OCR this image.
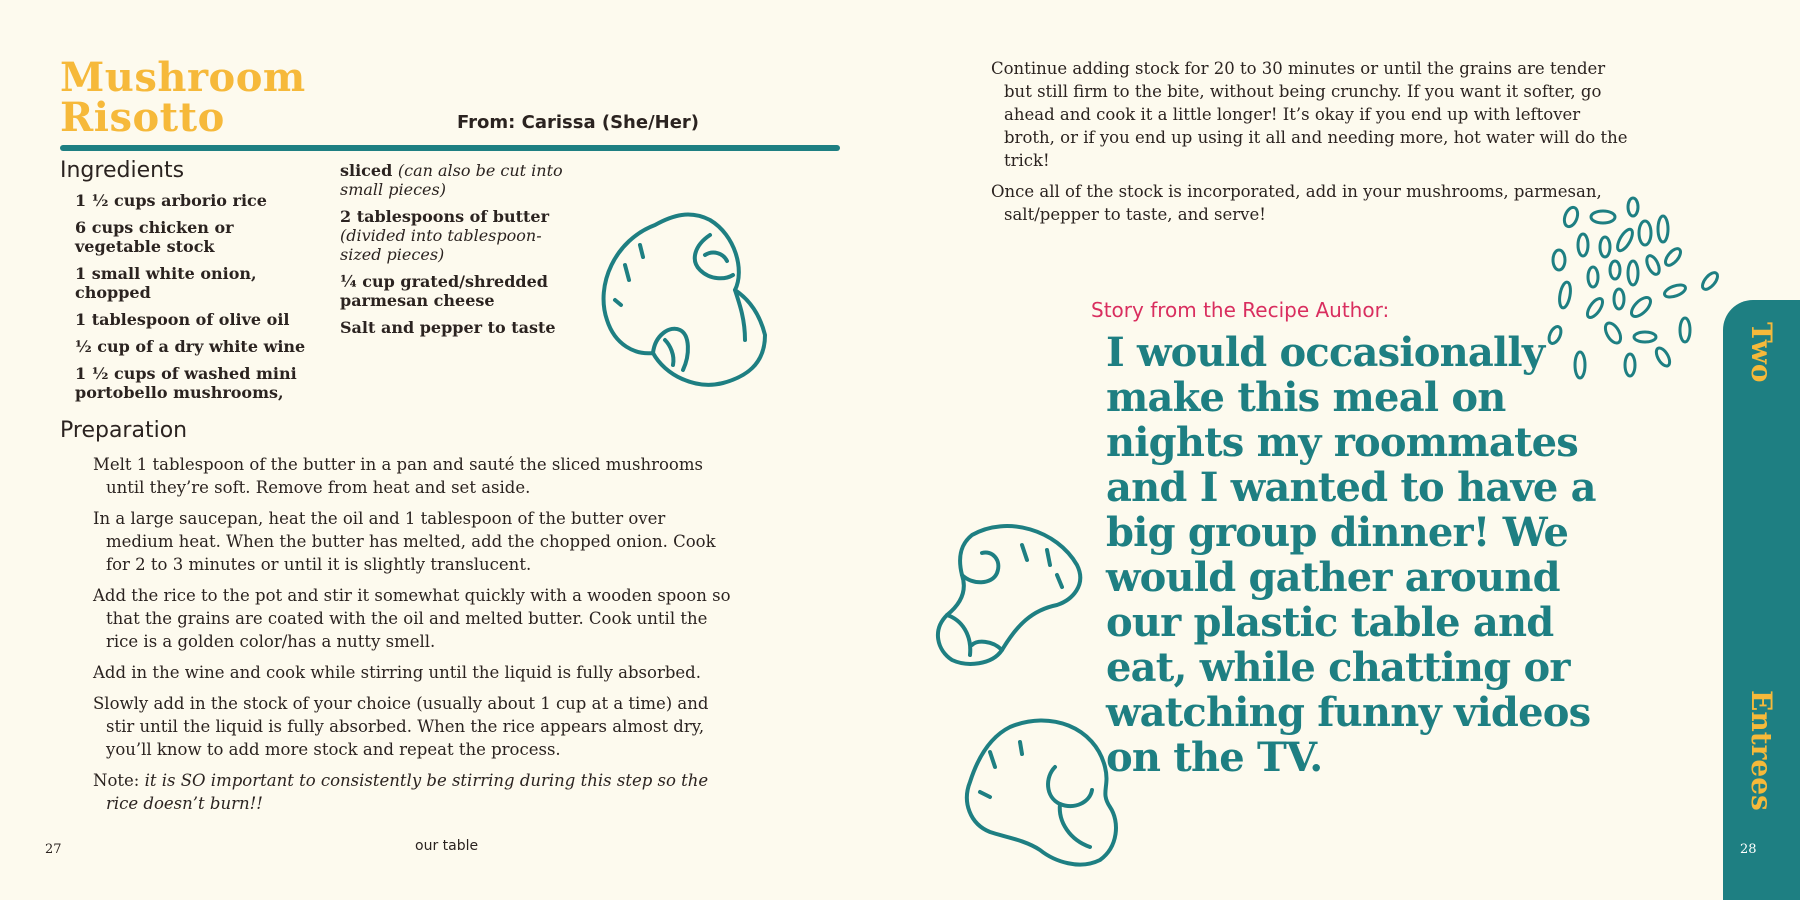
Mushroom
Risotto	From: Carissa (She/Her)
Ingredients
1 ½ cups arborio rice
6 cups chicken or vegetable stock
1 small white onion, chopped
1 tablespoon of olive oil
½ cup of a dry white wine
1 ½ cups of washed mini portobello mushrooms,
sliced (can also be cut into small pieces)
2 tablespoons of butter (divided into tablespoon-sized pieces)
¼ cup grated/shredded parmesan cheese
Salt and pepper to taste
Preparation

Melt 1 tablespoon of the butter in a pan and sauté the sliced mushrooms until they’re soft. Remove from heat and set aside.

In a large saucepan, heat the oil and 1 tablespoon of the butter over medium heat. When the butter has melted, add the chopped onion. Cook for 2 to 3 minutes or until it is slightly translucent.

Add the rice to the pot and stir it somewhat quickly with a wooden spoon so that the grains are coated with the oil and melted butter. Cook until the rice is a golden color/has a nutty smell.

Add in the wine and cook while stirring until the liquid is fully absorbed.

Slowly add in the stock of your choice (usually about 1 cup at a time) and stir until the liquid is fully absorbed. When the rice appears almost dry, you’ll know to add more stock and repeat the process.

Note: it is SO important to consistently be stirring during this step so the rice doesn’t burn!!

Continue adding stock for 20 to 30 minutes or until the grains are tender but still firm to the bite, without being crunchy. If you want it softer, go ahead and cook it a little longer! It’s okay if you end up with leftover broth, or if you end up using it all and needing more, hot water will do the trick!

Once all of the stock is incorporated, add in your mushrooms, parmesan, salt/pepper to taste, and serve!

Story from the Recipe Author:
I would occasionally make this meal on nights my roommates and I wanted to have a big group dinner! We would gather around our plastic table and eat, while chatting or watching funny videos on the TV.
Two
Entrees
27	our table	28
